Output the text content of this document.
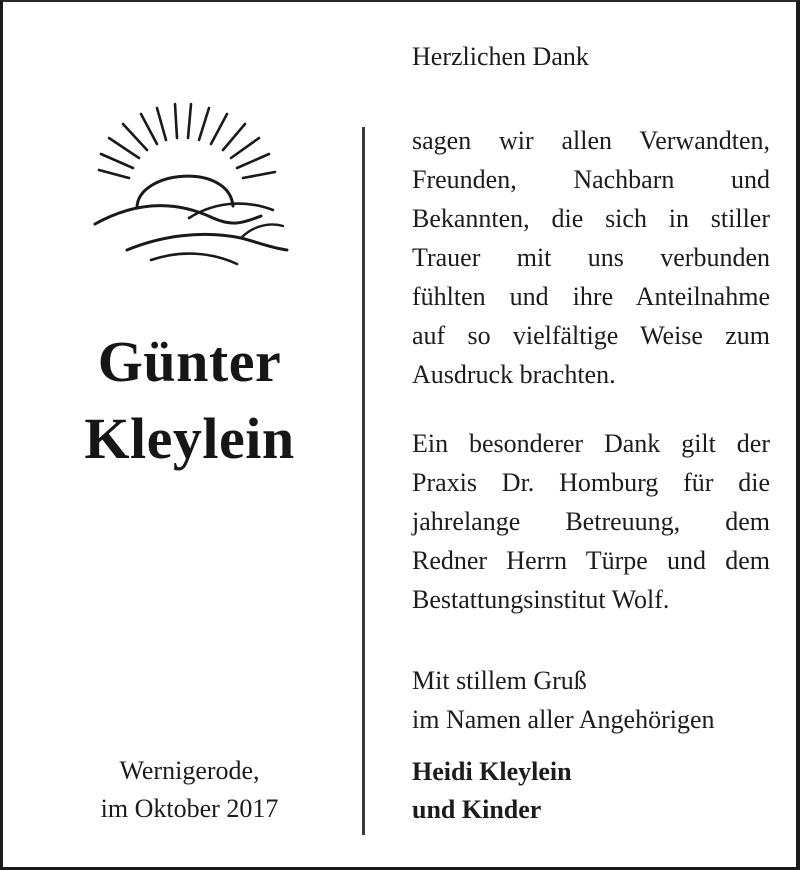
Günter
Kleylein
Wernigerode,
im Oktober 2017
Herzlichen Dank
sagen wir allen Verwandten,
Freunden, Nachbarn und
Bekannten, die sich in stiller
Trauer mit uns verbunden
fühlten und ihre Anteilnahme
auf so vielfältige Weise zum
Ausdruck brachten.
Ein besonderer Dank gilt der
Praxis Dr. Homburg für die
jahrelange Betreuung, dem
Redner Herrn Türpe und dem
Bestattungsinstitut Wolf.
Mit stillem Gruß
im Namen aller Angehörigen
Heidi Kleylein
und Kinder
